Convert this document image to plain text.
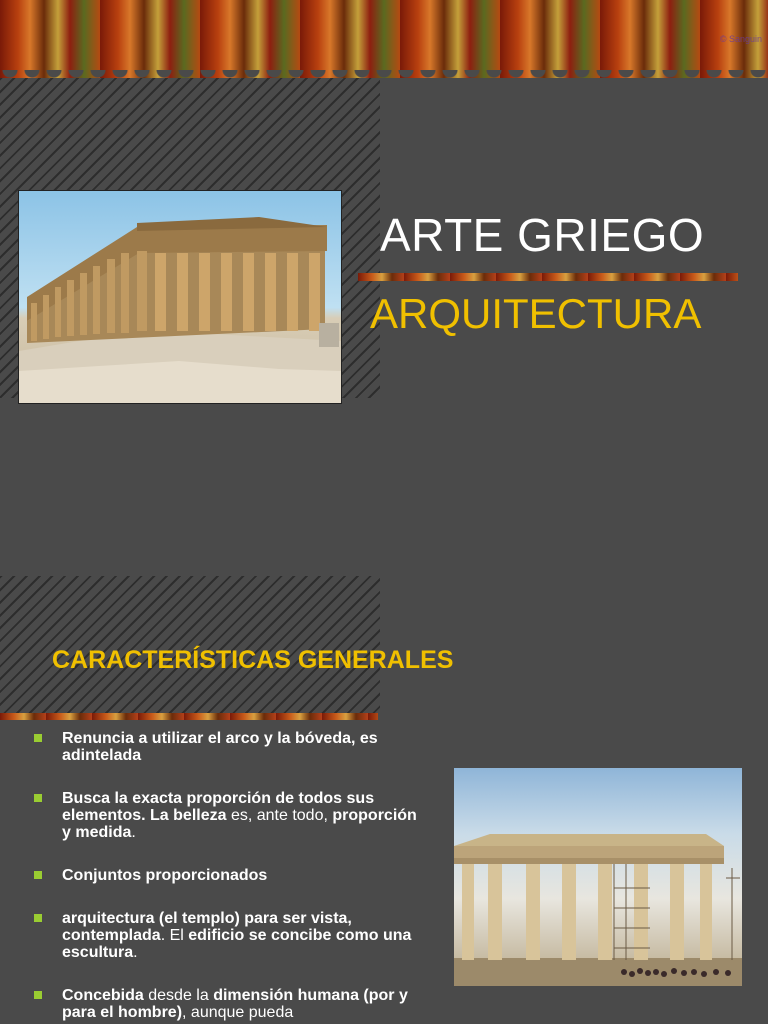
© Sanguin
ARTE GRIEGO
ARQUITECTURA
CARACTERÍSTICAS GENERALES
Renuncia a utilizar el arco y la bóveda, es adintelada
Busca la exacta proporción de todos sus elementos. La belleza es, ante todo, proporción y medida.
Conjuntos proporcionados
arquitectura (el templo) para ser vista, contemplada. El edificio se concibe como una escultura.
Concebida desde la dimensión humana (por y para el hombre), aunque pueda
